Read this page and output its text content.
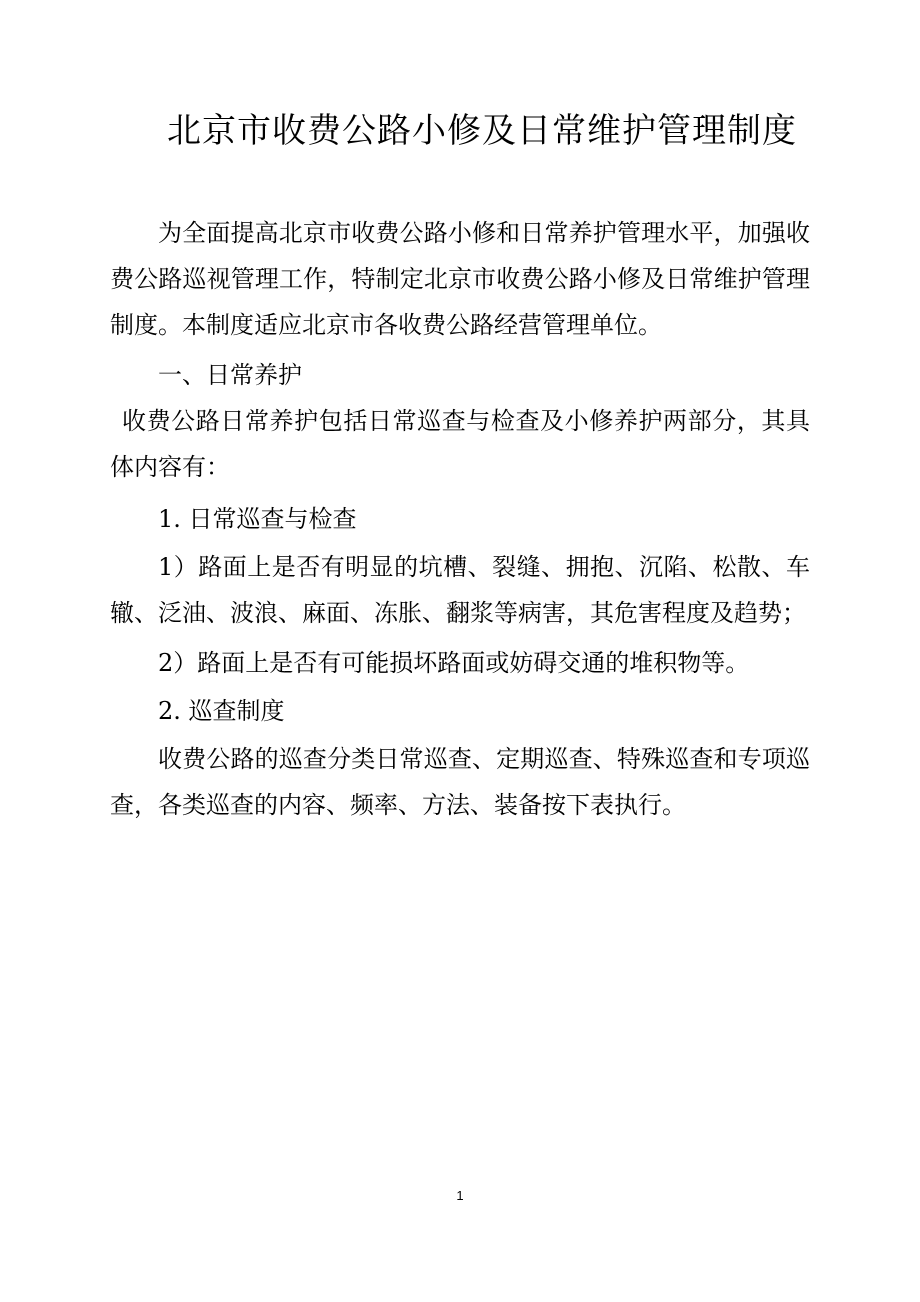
北京市收费公路小修及日常维护管理制度
为全面提高北京市收费公路小修和日常养护管理水平，加强收费公路巡视管理工作，特制定北京市收费公路小修及日常维护管理制度。本制度适应北京市各收费公路经营管理单位。
一、日常养护
收费公路日常养护包括日常巡查与检查及小修养护两部分，其具体内容有：
1. 日常巡查与检查
1）路面上是否有明显的坑槽、裂缝、拥抱、沉陷、松散、车辙、泛油、波浪、麻面、冻胀、翻浆等病害，其危害程度及趋势；
2）路面上是否有可能损坏路面或妨碍交通的堆积物等。
2. 巡查制度
收费公路的巡查分类日常巡查、定期巡查、特殊巡查和专项巡查，各类巡查的内容、频率、方法、装备按下表执行。
1
